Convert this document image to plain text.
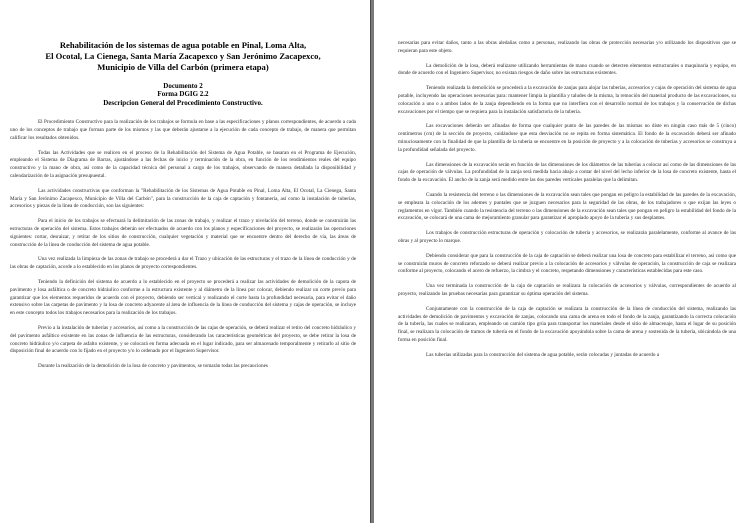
Rehabilitación de los sistemas de agua potable en Pinal, Loma Alta,

El Ocotal, La Cienega, Santa María Zacapexco y San Jerónimo Zacapexco,

Municipio de Villa del Carbón (primera etapa)

Documento 2

Forma DGIG 2.2

Descripcion General del Procedimiento Constructivo.

El Procedimiento Constructivo para la realización de los trabajos se formula en base a las especificaciones y planos correspondientes, de acuerdo a cada uno de los conceptos de trabajo que forman parte de los mismos y las que deberán ajustarse a la ejecución de cada concepto de trabajo, de manera que permitan calificar los resultados obtenidos.

Todas las Actividades que se realicen en el proceso de la Rehabilitación del Sistema de Agua Potable, se basaran en el Programa de Ejecución, empleando el Sistema de Diagrama de Barras, ajustándose a las fechas de inicio y terminación de la obra, en función de los rendimientos reales del equipo constructivo y la mano de obra, así como de la capacidad técnica del personal a cargo de los trabajos, observando de manera detallada la disponibilidad y calendarización de la asignación presupuestal.

Las actividades constructivas que conforman la "Rehabilitación de los Sistemas de Agua Potable en Pinal, Loma Alta, El Ocotal, La Cienega, Santa María y San Jerónimo Zacapexco, Municipio de Villa del Carbón", para la construcción de la caja de captación y fontanería, así como la instalación de tuberías, accesorios y piezas de la línea de conducción, son las siguientes:

Para el inicio de los trabajos se efectuará la delimitación de las zonas de trabajo, y realizar el trazo y nivelación del terreno, donde se construirán las estructuras de operación del sistema. Estos trabajos deberán ser efectuados de acuerdo con los planos y especificaciones del proyecto, se realizarán las operaciones siguientes: cortar, desraizar, y retirar de los sitios de construcción, cualquier vegetación y material que se encuentre dentro del derecho de vía, las áreas de construcción de la línea de conducción del sistema de agua potable.

Una vez realizada la limpieza de las zonas de trabajo se procederá a dar el Trazo y ubicación de las estructuras y el trazo de la línea de conducción y de las obras de captación, acorde a lo establecido en los planos de proyecto correspondientes.

Teniendo la definición del sistema de acuerdo a lo establecido en el proyecto se procederá a realizar las actividades de demolición de la capota de pavimento y losa asfáltica o de concreto hidráulico conforme a la estructura existente y al diámetro de la línea por colocar, debiendo realizar un corte previo para garantizar que los elementos requeridos de acuerdo con el proyecto, debiendo ser vertical y realizando el corte hasta la profundidad necesaria, para evitar el daño extensivo sobre las carpetas de pavimento y la losa de concreto adyacente al área de influencia de la línea de conducción del sistema y cajas de operación, se incluye en este concepto todos los trabajos necesarios para la realización de los trabajos.

Previo a la instalación de tuberías y accesorios, así como a la construcción de las cajas de operación, se deberá realizar el retiro del concreto hidráulico y del pavimento asfáltico existente en las zonas de influencia de las estructuras, considerando las características geométricas del proyecto, se debe retirar la losa de concreto hidráulico y/o carpeta de asfalto existente, y se colocará en forma adecuada en el lugar indicado, para ser almacenado temporalmente y retirarlo al sitio de disposición final de acuerdo con lo fijado en el proyecto y/o lo ordenado por el Ingeniero Supervisor.

Durante la realización de la demolición de la losa de concreto y pavimentos, se tomarán todas las precauciones

necesarias para evitar daños, tanto a las obras aledañas como a personas, realizando las obras de protección necesarias y/o utilizando los dispositivos que se requieran para este objeto.

La demolición de la losa, deberá realizarse utilizando herramientas de mano cuando se detecten elementos estructurales o maquinaria y equipo, en donde de acuerdo con el Ingeniero Supervisor, no existan riesgos de daño sobre las estructuras existentes.

Teniendo realizada la demolición se procederá a la excavación de zanjas para alojar las tuberías, accesorios y cajas de operación del sistema de agua potable, incluyendo las operaciones necesarias para: mantener limpia la plantilla y taludes de la misma, la remoción del material producto de las excavaciones, su colocación a uno o a ambos lados de la zanja dependiendo en la forma que no interfiera con el desarrollo normal de los trabajos y la conservación de dichas excavaciones por el tiempo que se requiera para la instalación satisfactoria de la tubería.

Las excavaciones deberán ser afinadas de forma que cualquier punto de las paredes de las mismas no diste en ningún caso más de 5 (cinco) centímetros (cm) de la sección de proyecto, cuidándose que esta desviación no se repita en forma sistemática. El fondo de la excavación deberá ser afinado minuciosamente con la finalidad de que la plantilla de la tubería se encuentre en la posición de proyecto y a la colocación de tuberías y accesorios se construya a la profundidad señalada del proyecto.

Las dimensiones de la excavación serán en función de las dimensiones de los diámetros de las tuberías a colocar así como de las dimensiones de las cajas de operación de válvulas. La profundidad de la zanja será medida hacia abajo a contar del nivel del lecho inferior de la losa de concreto existente, hasta el fondo de la excavación. El ancho de la zanja será medido entre las dos paredes verticales paralelas que la delimitan.

Cuando la resistencia del terreno o las dimensiones de la excavación sean tales que pongan en peligro la estabilidad de las paredes de la excavación, se empleara la colocación de los ademes y puntales que se juzguen necesarios para la seguridad de las obras, de los trabajadores o que exijan las leyes o reglamentos en vigor. También cuando la resistencia del terreno o las dimensiones de la excavación sean tales que pongan en peligro la estabilidad del fondo de la excavación, se colocará de una cama de mejoramiento granular para garantizar el apropiado apoyo de la tubería y sus desplantes.

Los trabajos de construcción estructuras de operación y colocación de tubería y accesorios, se realizarán paralelamente, conforme al avance de las obras y al proyecto lo marque.

Debiendo considerar que para la construcción de la caja de captación se deberá realizar una losa de concreto para estabilizar el terreno, así como que se construirán muros de concreto reforzado se deberá realizar previo a la colocación de accesorios y válvulas de operación, la construcción de caja se realizara conforme al proyecto, colocando el acero de refuerzo, la cimbra y el concreto, respetando dimensiones y características establecidas para este caso.

Una vez terminada la construcción de la caja de captación se realizara la colocación de accesorios y válvulas, correspondientes de acuerdo al proyecto, realizando las pruebas necesarias para garantizar su óptima operación del sistema.

Conjuntamente con la construcción de la caja de captación se realizara la construcción de la línea de conducción del sistema, realizando las actividades de demolición de pavimentos y excavación de zanjas, colocando una cama de arena en todo el fondo de la zanja, garantizando la correcta colocación de la tubería, las cuales se realizaran, empleando un camión tipo grúa para transportar los materiales desde el sitio de almacenaje, hasta el lugar de su posición final, se realizara la colocación de tramos de tubería en el fondo de la excavación apoyándola sobre la cama de arena y sostenida de la tubería, ubicándola de una forma en posición final.

Las tuberías utilizadas para la construcción del sistema de agua potable, serán colocadas y juntadas de acuerdo a
